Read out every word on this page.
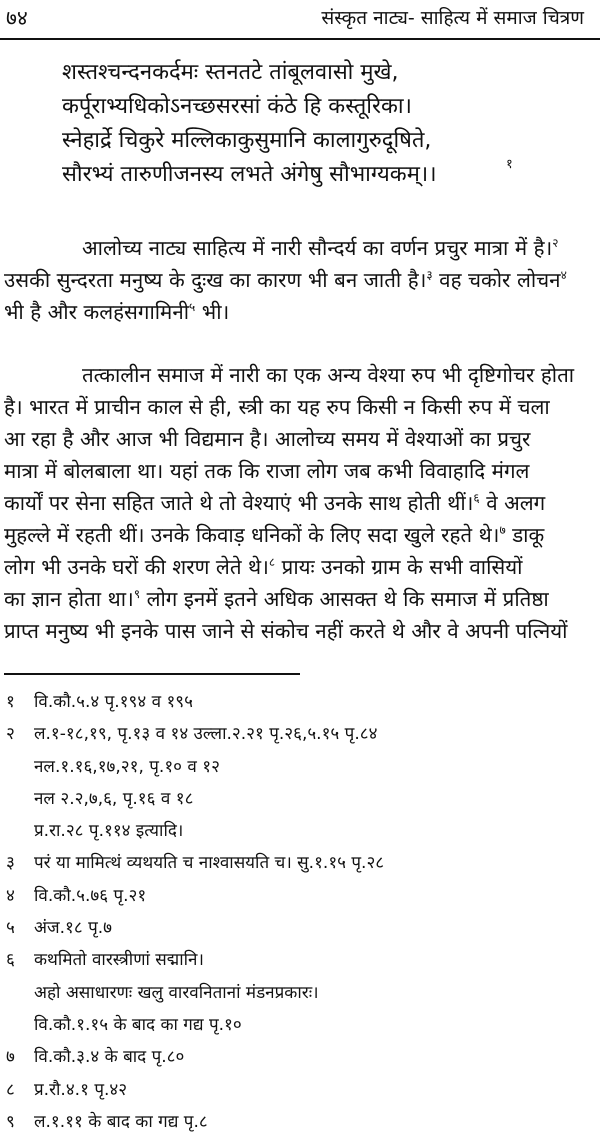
७४	संस्कृत नाट्य- साहित्य में समाज चित्रण
शस्तश्चन्दनकर्दमः स्तनतटे तांबूलवासो मुखे,
कर्पूराभ्यधिकोऽनच्छसरसां कंठे हि कस्तूरिका।
स्नेहार्द्रे चिकुरे मल्लिकाकुसुमानि कालागुरुदूषिते,
सौरभ्यं तारुणीजनस्य लभते अंगेषु सौभाग्यकम्।।	१
आलोच्य नाट्य साहित्य में नारी सौन्दर्य का वर्णन प्रचुर मात्रा में है।$^२$
उसकी सुन्दरता मनुष्य के दुःख का कारण भी बन जाती है।$^३$ वह चकोर लोचन$^४$
भी है और कलहंसगामिनी$^५$ भी।
तत्कालीन समाज में नारी का एक अन्य वेश्या रुप भी दृष्टिगोचर होता
है। भारत में प्राचीन काल से ही, स्त्री का यह रुप किसी न किसी रुप में चला
आ रहा है और आज भी विद्यमान है। आलोच्य समय में वेश्याओं का प्रचुर
मात्रा में बोलबाला था। यहां तक कि राजा लोग जब कभी विवाहादि मंगल
कार्यों पर सेना सहित जाते थे तो वेश्याएं भी उनके साथ होती थीं।$^६$ वे अलग
मुहल्ले में रहती थीं। उनके किवाड़ धनिकों के लिए सदा खुले रहते थे।$^७$ डाकू
लोग भी उनके घरों की शरण लेते थे।$^८$ प्रायः उनको ग्राम के सभी वासियों
का ज्ञान होता था।$^९$ लोग इनमें इतने अधिक आसक्त थे कि समाज में प्रतिष्ठा
प्राप्त मनुष्य भी इनके पास जाने से संकोच नहीं करते थे और वे अपनी पत्नियों
१	वि.कौ.५.४ पृ.१९४ व १९५
२	ल.१-१८,१९, पृ.१३ व १४ उल्ला.२.२१ पृ.२६,५.१५ पृ.८४
नल.१.१६,१७,२१, पृ.१० व १२
नल २.२,७,६, पृ.१६ व १८
प्र.रा.२८ पृ.११४ इत्यादि।
३	परं या मामित्थं व्यथयति च नाश्वासयति च। सु.१.१५ पृ.२८
४	वि.कौ.५.७६ पृ.२१
५	अंज.१८ पृ.७
६	कथमितो वारस्त्रीणां सद्मानि।
अहो असाधारणः खलु वारवनितानां मंडनप्रकारः।
वि.कौ.१.१५ के बाद का गद्य पृ.१०
७	वि.कौ.३.४ के बाद पृ.८०
८	प्र.रौ.४.१ पृ.४२
९	ल.१.११ के बाद का गद्य पृ.८
